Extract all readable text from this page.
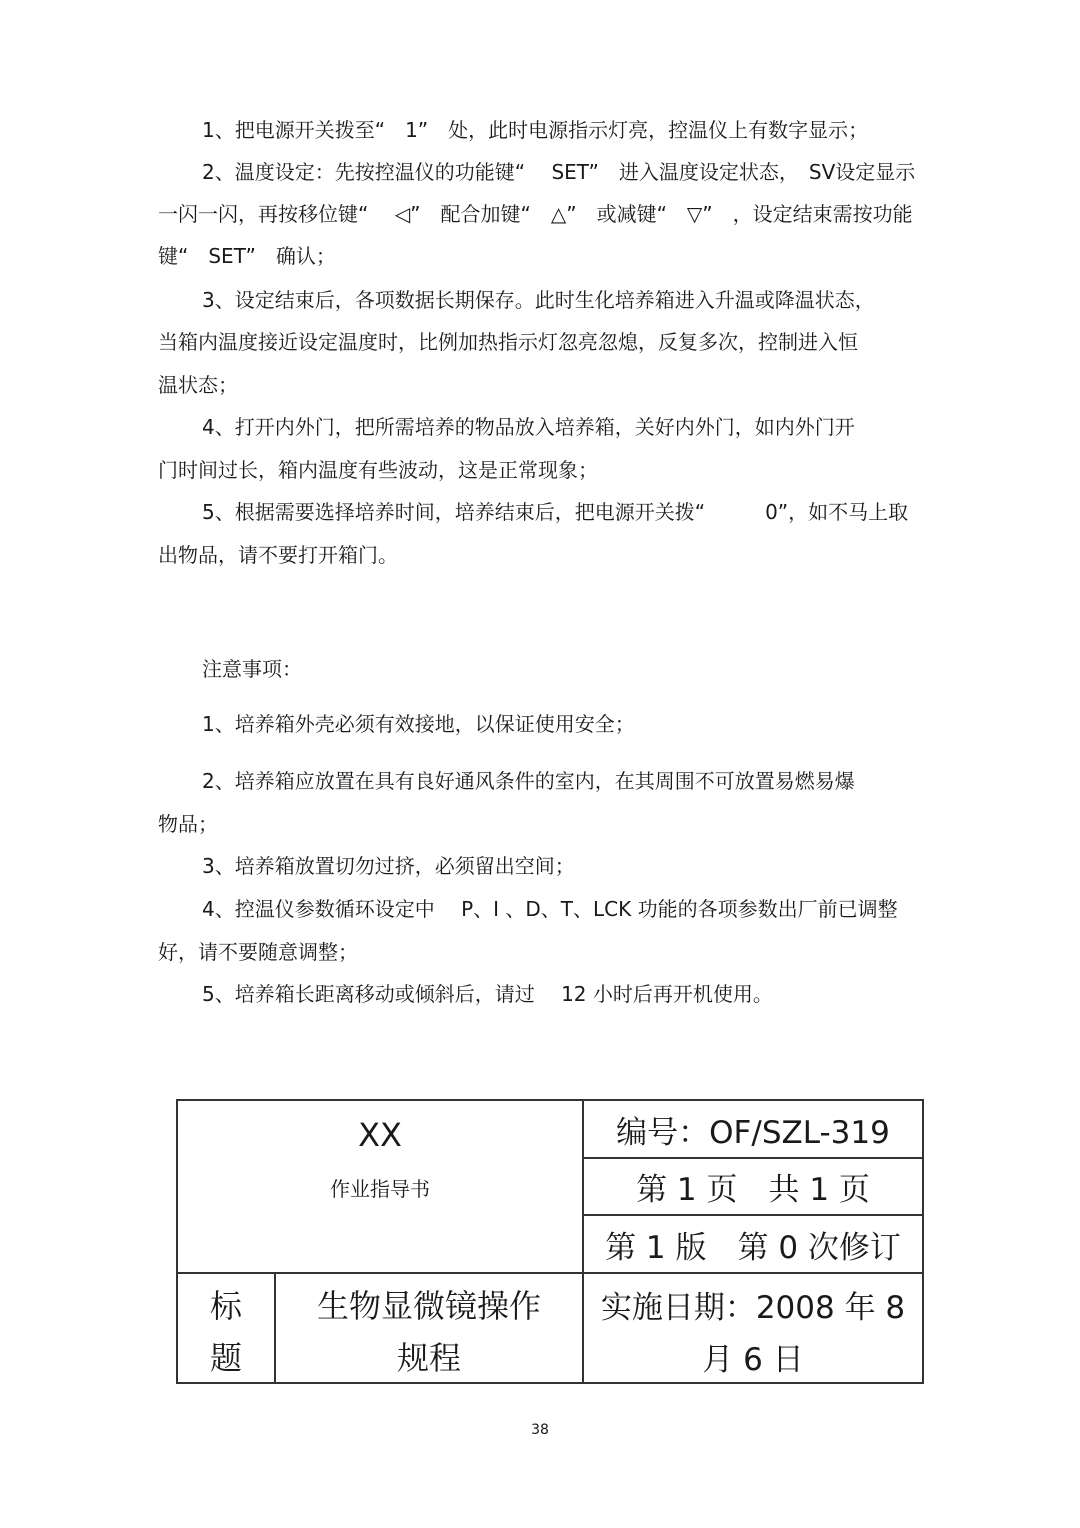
1、把电源开关拨至“　1”　处，此时电源指示灯亮，控温仪上有数字显示；
2、温度设定：先按控温仪的功能键“　 SET”　进入温度设定状态，　SV设定显示
一闪一闪，再按移位键“　 ◁”　配合加键“　△”　或减键“　▽”　，设定结束需按功能
键“　SET”　确认；
3、设定结束后，各项数据长期保存。此时生化培养箱进入升温或降温状态，
当箱内温度接近设定温度时，比例加热指示灯忽亮忽熄，反复多次，控制进入恒
温状态；
4、打开内外门，把所需培养的物品放入培养箱，关好内外门，如内外门开
门时间过长，箱内温度有些波动，这是正常现象；
5、根据需要选择培养时间，培养结束后，把电源开关拨“　　　0”，如不马上取
出物品，请不要打开箱门。
注意事项：
1、培养箱外壳必须有效接地，以保证使用安全；
2、培养箱应放置在具有良好通风条件的室内，在其周围不可放置易燃易爆
物品；
3、培养箱放置切勿过挤，必须留出空间；
4、控温仪参数循环设定中　 P、I 、D、T、LCK 功能的各项参数出厂前已调整
好，请不要随意调整；
5、培养箱长距离移动或倾斜后，请过　 12 小时后再开机使用。
XX
作业指导书
编号：OF/SZL-319
第 1 页　共 1 页
第 1 版　第 0 次修订
标
题
生物显微镜操作
规程
实施日期：2008 年 8
月 6 日
38
